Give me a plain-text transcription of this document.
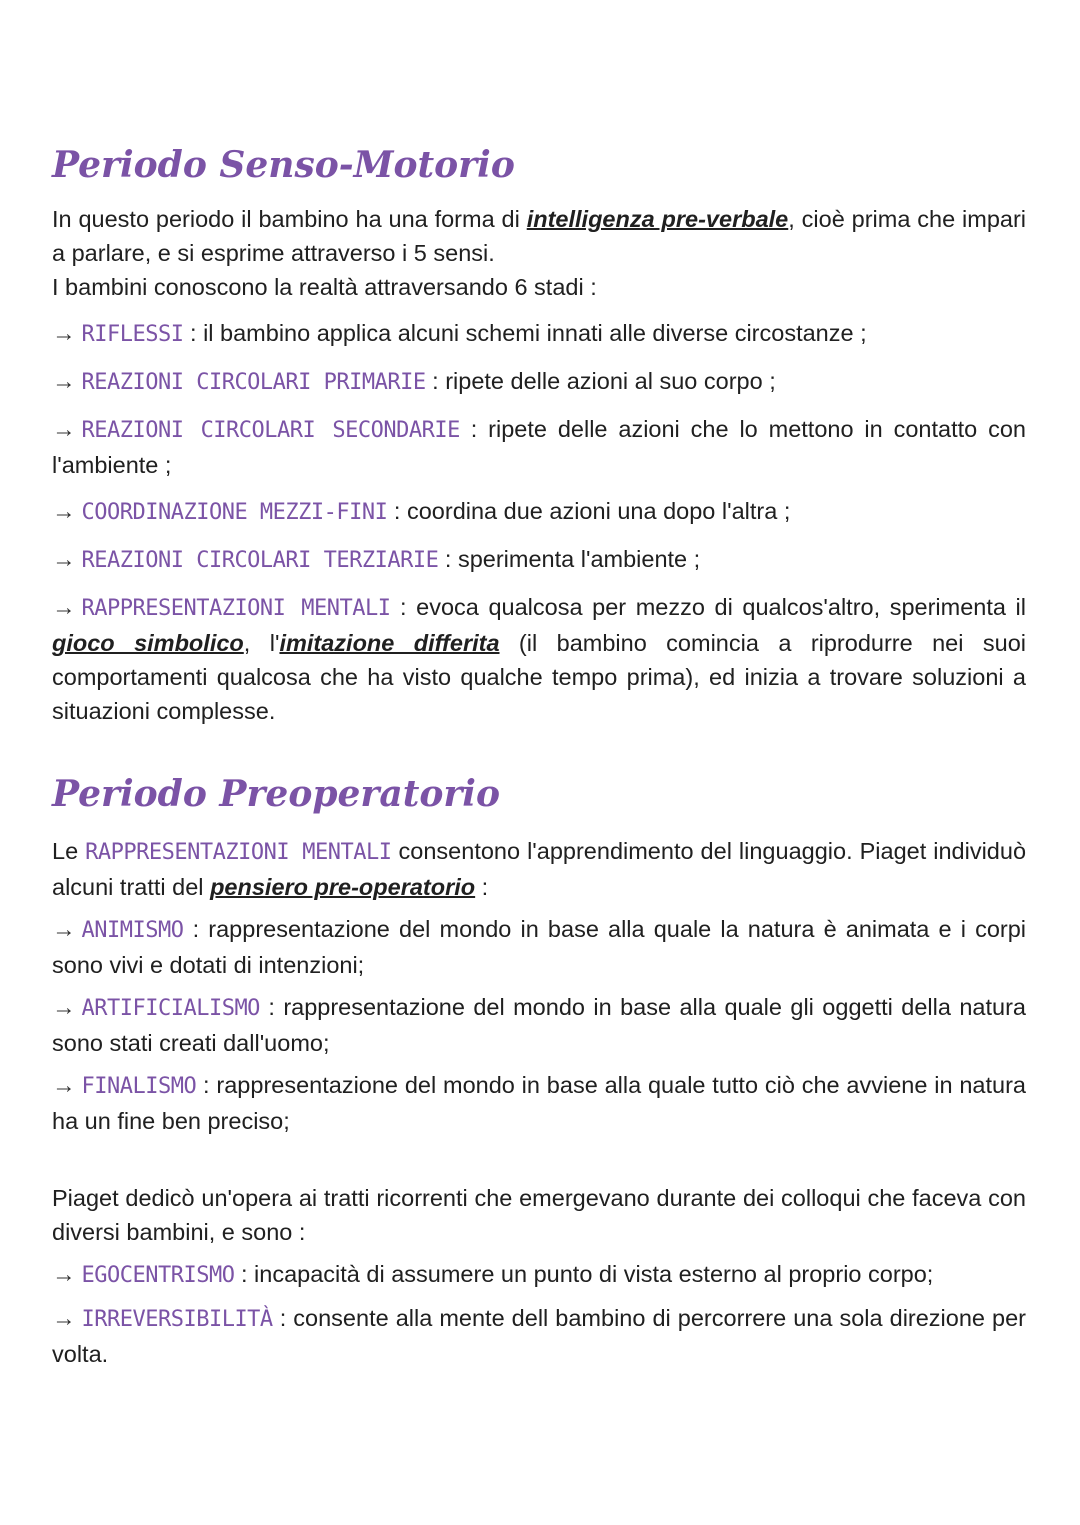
Periodo Senso-Motorio

In questo periodo il bambino ha una forma di intelligenza pre-verbale, cioè prima che impari a parlare, e si esprime attraverso i 5 sensi.

I bambini conoscono la realtà attraversando 6 stadi :

→ RIFLESSI : il bambino applica alcuni schemi innati alle diverse circostanze ;
→ REAZIONI CIRCOLARI PRIMARIE : ripete delle azioni al suo corpo ;
→ REAZIONI CIRCOLARI SECONDARIE : ripete delle azioni che lo mettono in contatto con l'ambiente ;
→ COORDINAZIONE MEZZI-FINI : coordina due azioni una dopo l'altra ;
→ REAZIONI CIRCOLARI TERZIARIE : sperimenta l'ambiente ;
→ RAPPRESENTAZIONI MENTALI : evoca qualcosa per mezzo di qualcos'altro, sperimenta il gioco simbolico, l'imitazione differita (il bambino comincia a riprodurre nei suoi comportamenti qualcosa che ha visto qualche tempo prima), ed inizia a trovare soluzioni a situazioni complesse.
Periodo Preoperatorio

Le RAPPRESENTAZIONI MENTALI consentono l'apprendimento del linguaggio. Piaget individuò alcuni tratti del pensiero pre-operatorio :

→ ANIMISMO : rappresentazione del mondo in base alla quale la natura è animata e i corpi sono vivi e dotati di intenzioni;
→ ARTIFICIALISMO : rappresentazione del mondo in base alla quale gli oggetti della natura sono stati creati dall'uomo;
→ FINALISMO : rappresentazione del mondo in base alla quale tutto ciò che avviene in natura ha un fine ben preciso;

Piaget dedicò un'opera ai tratti ricorrenti che emergevano durante dei colloqui che faceva con diversi bambini, e sono :

→ EGOCENTRISMO : incapacità di assumere un punto di vista esterno al proprio corpo;
→ IRREVERSIBILITÀ : consente alla mente dell bambino di percorrere una sola direzione per volta.
